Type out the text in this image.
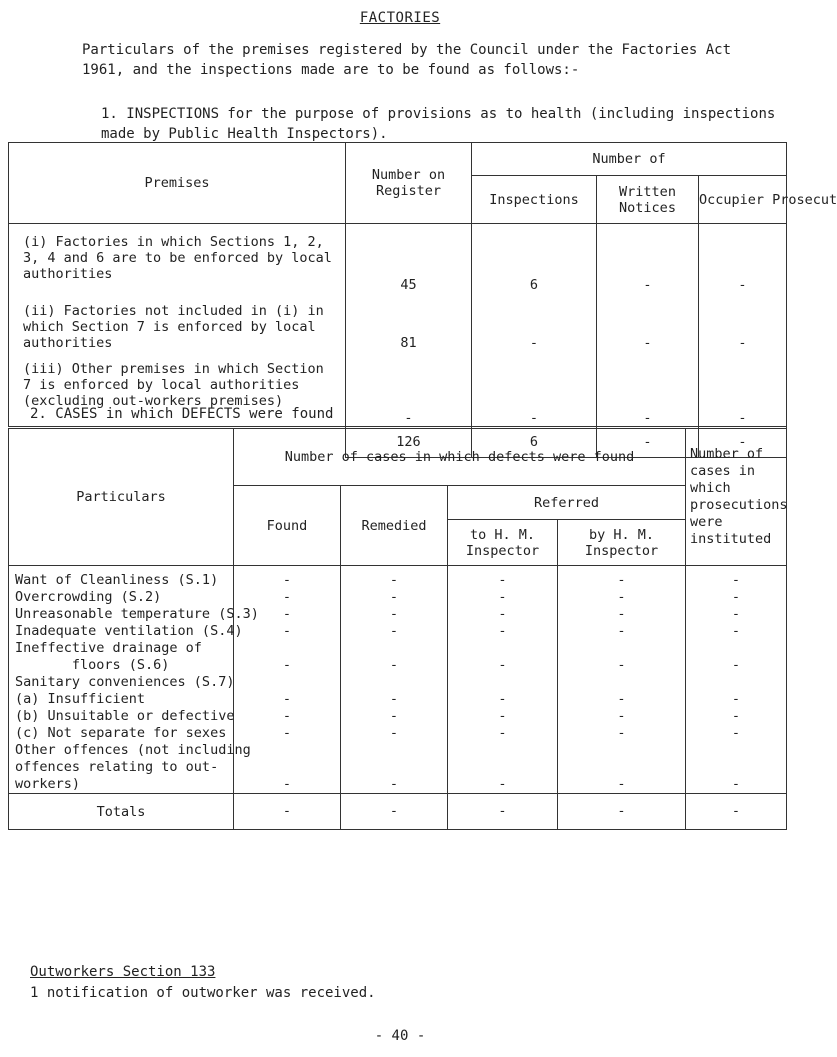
FACTORIES
Particulars of the premises registered by the Council under the Factories Act
1961, and the inspections made are to be found as follows:-
1. INSPECTIONS for the purpose of provisions as to health (including inspections made by Public Health Inspectors).
Premises	Number on Register	Number of		
		Inspections	Written Notices	Occupier Prosecut
(i) Factories in which Sections 1, 2, 3, 4 and 6 are to be enforced by local authorities	45	6	-	-
(ii) Factories not included in (i) in which Section 7 is enforced by local authorities	81	-	-	-
(iii) Other premises in which Section 7 is enforced by local authorities (excluding out-workers premises)	-	-	-	-
	126	6	-	-
2. CASES in which DEFECTS were found
Particulars	Number of cases in which defects were found				Number of cases in which prosecutions were instituted
	Found	Remedied	Referred		
			to H. M. Inspector	by H. M. Inspector	
Want of Cleanliness (S.1)	-	-	-	-	-
Overcrowding (S.2)	-	-	-	-	-
Unreasonable temperature (S.3)	-	-	-	-	-
Inadequate ventilation (S.4)	-	-	-	-	-
Ineffective drainage of
floors (S.6)	-	-	-	-	-
Sanitary conveniences (S.7)
(a) Insufficient	-	-	-	-	-
(b) Unsuitable or defective	-	-	-	-	-
(c) Not separate for sexes	-	-	-	-	-
Other offences (not including
offences relating to out-
workers)	-	-	-	-	-
Totals	-	-	-	-	-
Outworkers Section 133
1 notification of outworker was received.
- 40 -
